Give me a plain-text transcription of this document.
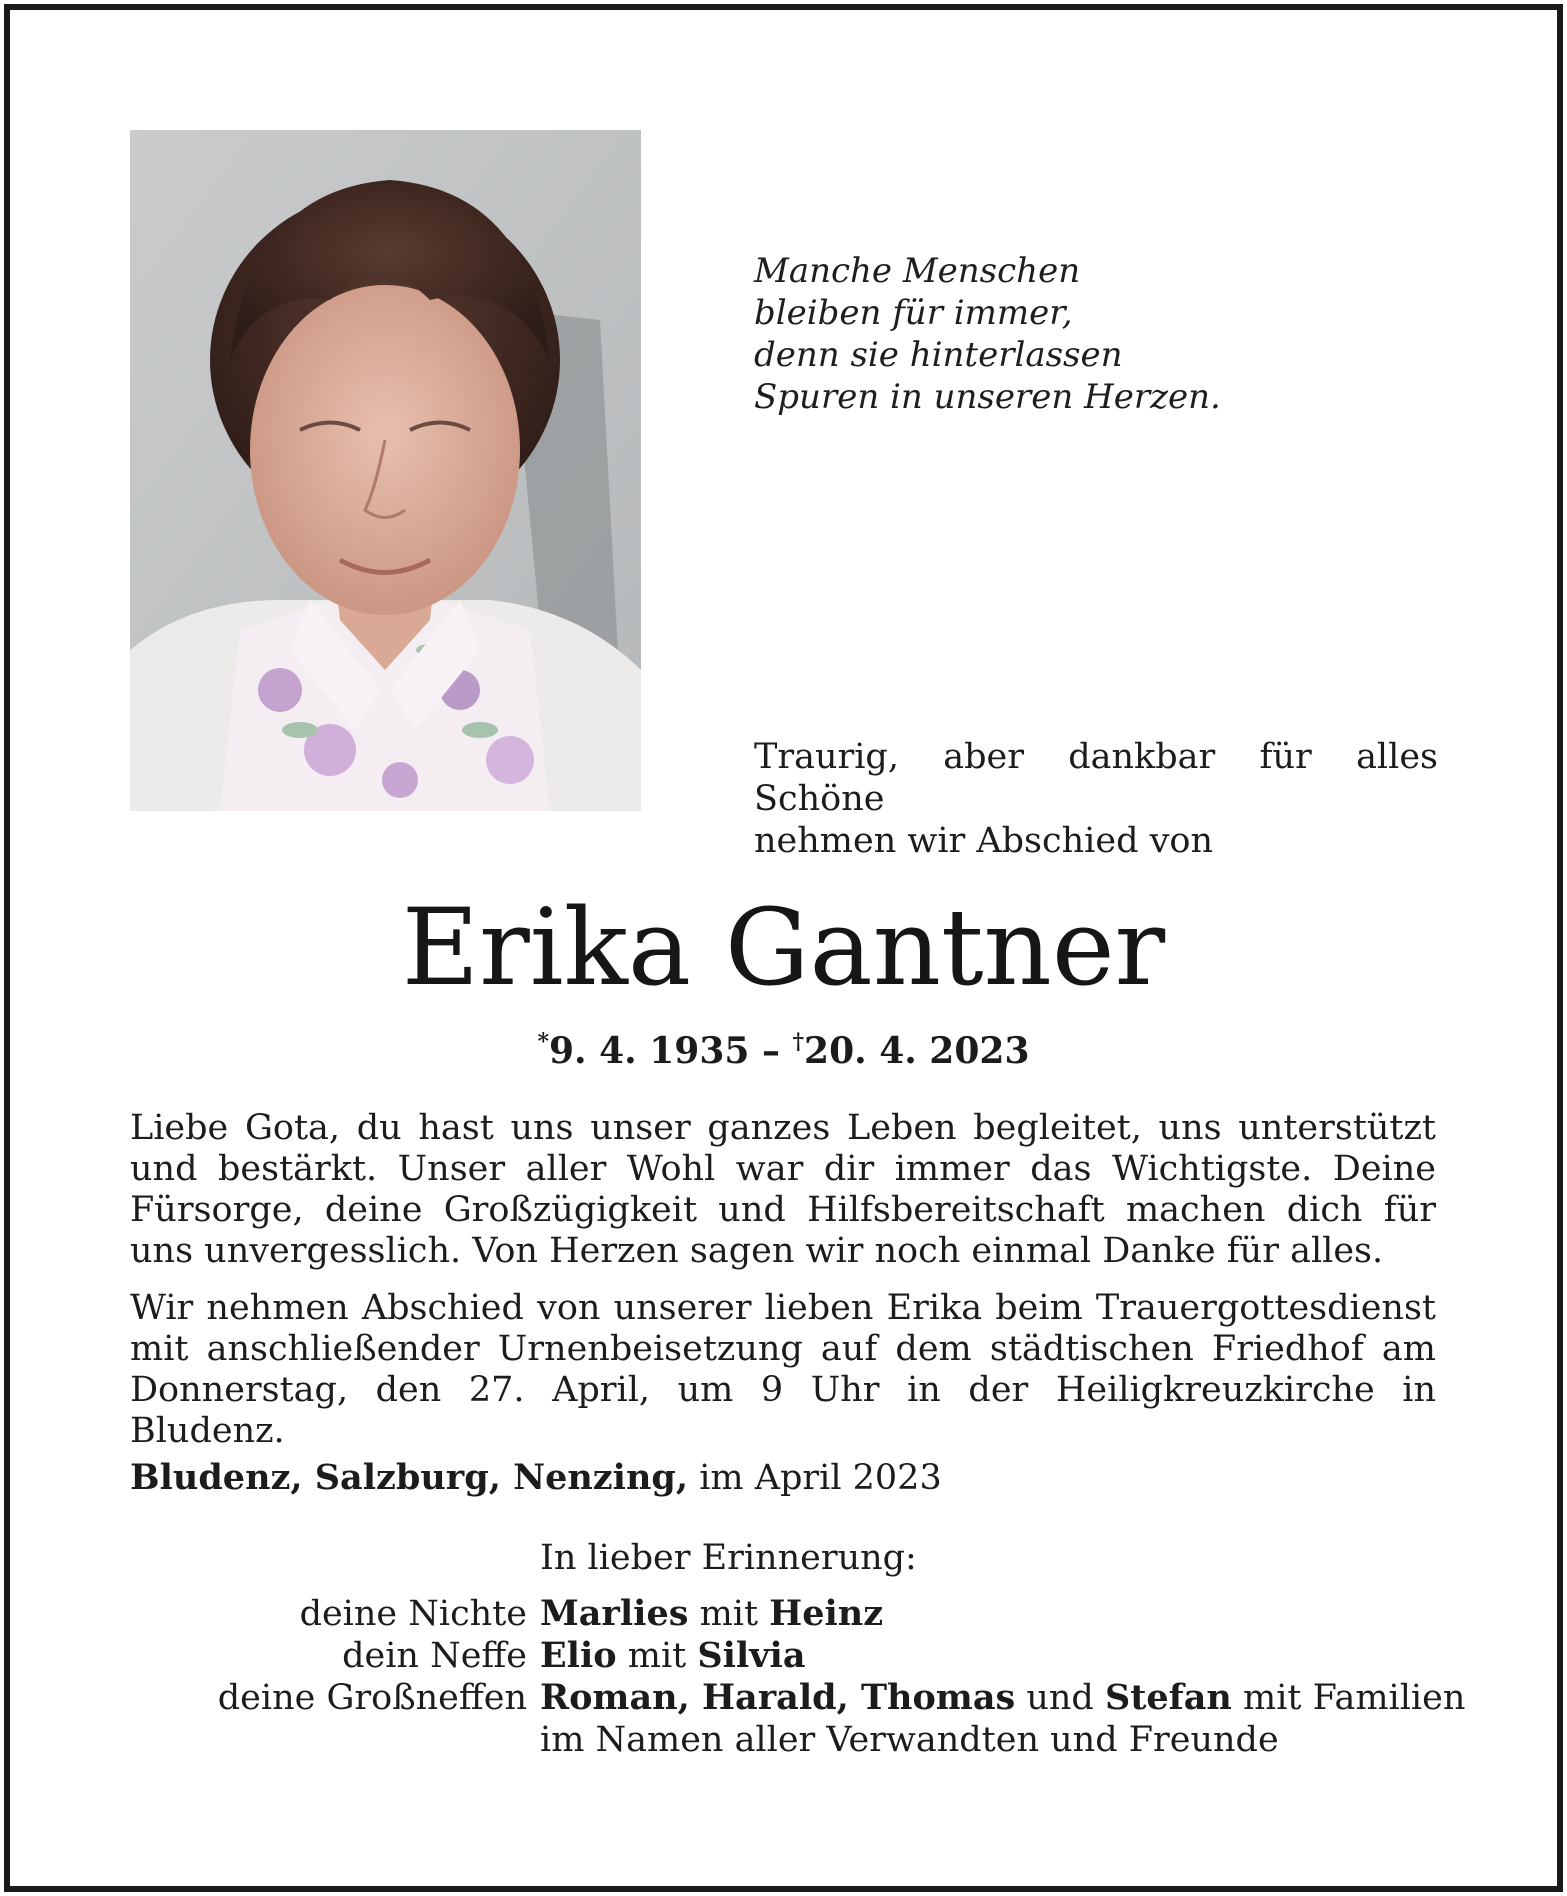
Manche Menschen
bleiben für immer,
denn sie hinterlassen
Spuren in unseren Herzen.
Traurig, aber dankbar für alles Schöne
nehmen wir Abschied von
Erika Gantner
*9. 4. 1935 – †20. 4. 2023
Liebe Gota, du hast uns unser ganzes Leben begleitet, uns unterstützt und bestärkt. Unser aller Wohl war dir immer das Wichtigste. Deine Fürsorge, deine Großzügigkeit und Hilfsbereitschaft machen dich für uns unvergesslich. Von Herzen sagen wir noch einmal Danke für alles.
Wir nehmen Abschied von unserer lieben Erika beim Trauergottesdienst
mit anschließender Urnenbeisetzung auf dem städtischen Friedhof am
Donnerstag, den 27. April, um 9 Uhr in der Heiligkreuzkirche in Bludenz.
Bludenz, Salzburg, Nenzing, im April 2023
In lieber Erinnerung:
deine Nichte Marlies mit Heinz
dein Neffe Elio mit Silvia
deine Großneffen Roman, Harald, Thomas und Stefan mit Familien
im Namen aller Verwandten und Freunde
